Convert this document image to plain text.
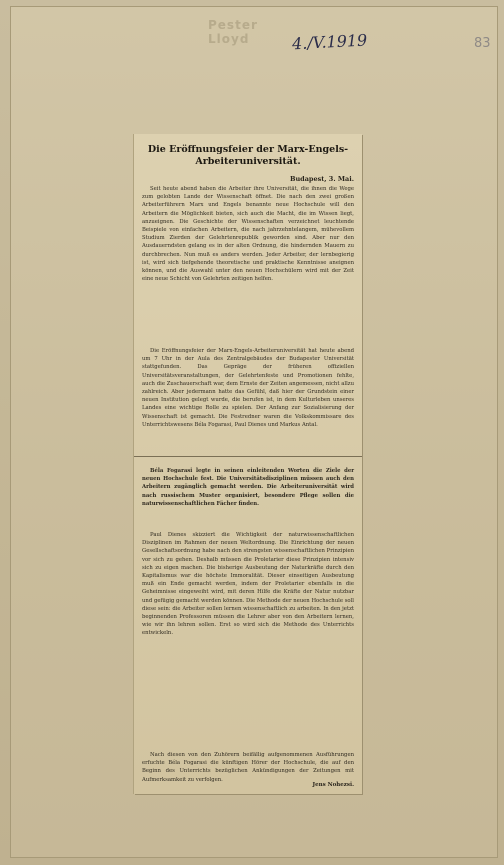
Pester Lloyd	4./V.1919	83
Die Eröffnungsfeier der Marx-Engels-Arbeiteruniversität.
Budapest, 3. Mai.

Seit heute abend haben die Arbeiter ihre Universität, die ihnen die Wege zum gelobten Lande der Wissenschaft öffnet. Die nach den zwei großen Arbeiterführern Marx und Engels benannte neue Hochschule will den Arbeitern die Möglichkeit bieten, sich auch die Macht, die im Wissen liegt, anzueignen. Die Geschichte der Wissenschaften verzeichnet leuchtende Beispiele von einfachen Arbeitern, die nach jahrzehntelangem, mühevollem Studium Zierden der Gelehrtenrepublik geworden sind. Aber nur den Ausdauerndsten gelang es in der alten Ordnung, die hindernden Mauern zu durchbrechen. Nun muß es anders werden. Jeder Arbeiter, der lernbegierig ist, wird sich tiefgehende theoretische und praktische Kenntnisse aneignen können, und die Auswahl unter den neuen Hochschülern wird mit der Zeit eine neue Schicht von Gelehrten zeitigen helfen.

Die Eröffnungsfeier der Marx-Engels-Arbeiteruniversität hat heute abend um 7 Uhr in der Aula des Zentralgebäudes der Budapester Universität stattgefunden. Das Gepräge der früheren offiziellen Universitätsveranstaltungen, der Gelehrtenfeste und Promotionen fehlte, auch die Zuschauerschaft war, dem Ernste der Zeiten angemessen, nicht allzu zahlreich. Aber jedermann hatte das Gefühl, daß hier der Grundstein einer neuen Institution gelegt wurde, die berufen ist, in dem Kulturleben unseres Landes eine wichtige Rolle zu spielen. Der Anfang zur Sozialisierung der Wissenschaft ist gemacht. Die Festredner waren die Volkskommissare des Unterrichtswesens Béla Fogarasi, Paul Dienes und Markus Antal.

Béla Fogarasi legte in seinen einleitenden Worten die Ziele der neuen Hochschule fest. Die Universitätsdisziplinen müssen auch den Arbeitern zugänglich gemacht werden. Die Arbeiteruniversität wird nach russischem Muster organisiert, besondere Pflege sollen die naturwissenschaftlichen Fächer finden.

Paul Dienes skizziert die Wichtigkeit der naturwissenschaftlichen Disziplinen im Rahmen der neuen Weltordnung. Die Einrichtung der neuen Gesellschaftsordnung habe nach den strengsten wissenschaftlichen Prinzipien vor sich zu gehen. Deshalb müssen die Proletarier diese Prinzipien intensiv sich zu eigen machen. Die bisherige Ausbeutung der Naturkräfte durch den Kapitalismus war die höchste Immoralität. Dieser einseitigen Ausbeutung muß ein Ende gemacht werden, indem der Proletarier ebenfalls in die Geheimnisse eingeweiht wird, mit deren Hilfe die Kräfte der Natur nutzbar und gefügig gemacht werden können. Die Methode der neuen Hochschule soll diese sein: die Arbeiter sollen lernen wissenschaftlich zu arbeiten. In den jetzt beginnenden Professoren müssen die Lehrer aber von den Arbeitern lernen, wie wir ihn lehren sollen. Erst so wird sich die Methode des Unterrichts entwickeln.

Nach diesen von den Zuhörern beifällig aufgenommenen Ausführungen erfuchte Béla Fogarasi die künftigen Hörer der Hochschule, die auf den Beginn des Unterrichts bezüglichen Ankündigungen der Zeitungen mit Aufmerksamkeit zu verfolgen.

Jens Nohezsi.
